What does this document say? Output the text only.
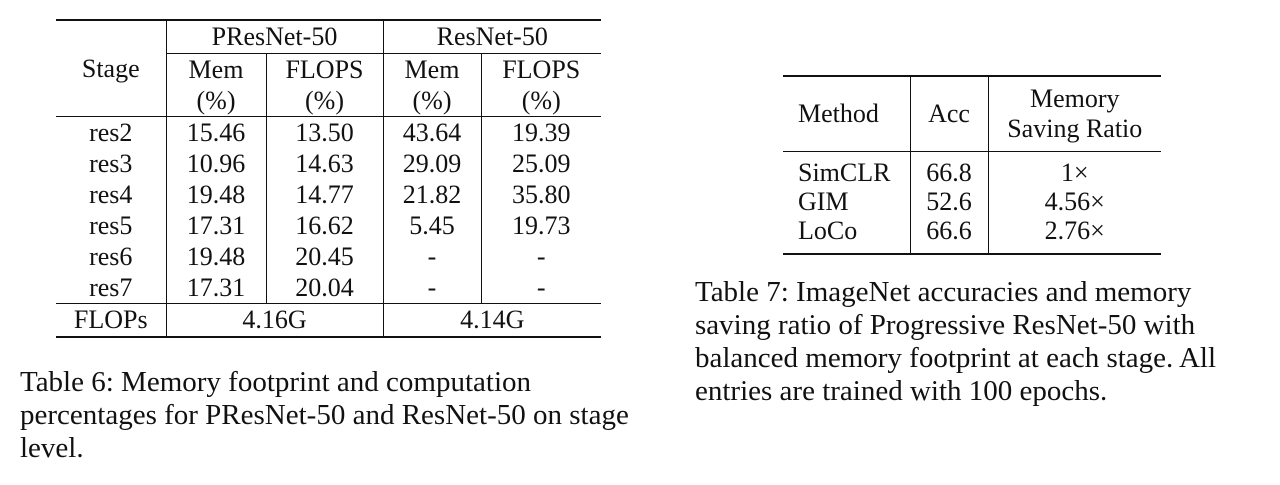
Stage	PResNet-50		ResNet-50	
	Mem	FLOPS	Mem	FLOPS
	(%)	(%)	(%)	(%)
res2	15.46	13.50	43.64	19.39
res3	10.96	14.63	29.09	25.09
res4	19.48	14.77	21.82	35.80
res5	17.31	16.62	5.45	19.73
res6	19.48	20.45	-	-
res7	17.31	20.04	-	-
FLOPs	4.16G		4.14G	

Table 6: Memory footprint and computation percentages for PResNet-50 and ResNet-50 on stage level.

Method	Acc	Memory
Saving Ratio
SimCLR	66.8	1×
GIM	52.6	4.56×
LoCo	66.6	2.76×

Table 7: ImageNet accuracies and memory saving ratio of Progressive ResNet-50 with balanced memory footprint at each stage. All entries are trained with 100 epochs.
